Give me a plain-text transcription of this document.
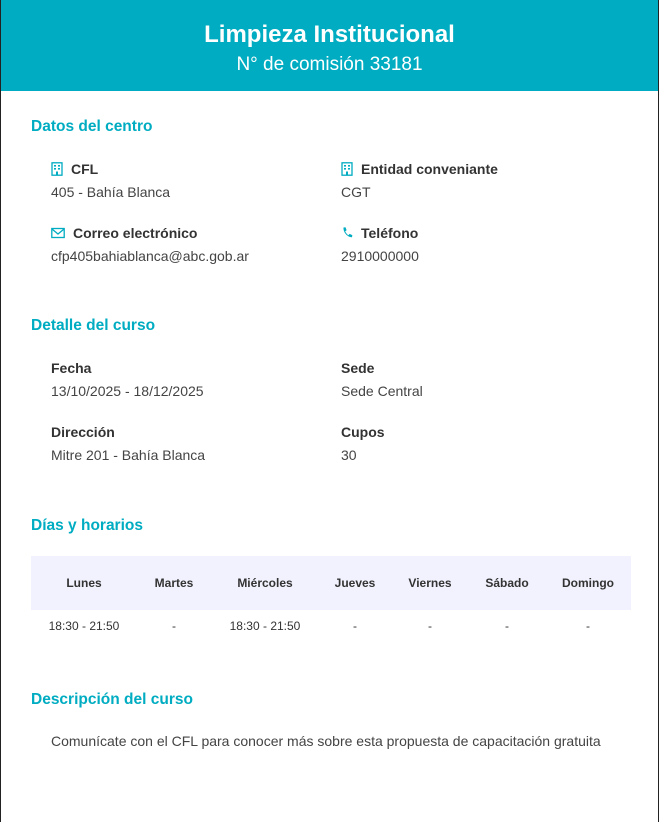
Limpieza Institucional
N° de comisión 33181
Datos del centro
CFL
405 - Bahía Blanca
Entidad conveniante
CGT
Correo electrónico
cfp405bahiablanca@abc.gob.ar
Teléfono
2910000000
Detalle del curso
Fecha
13/10/2025 - 18/12/2025
Sede
Sede Central
Dirección
Mitre 201 - Bahía Blanca
Cupos
30
Días y horarios
Lunes	Martes	Miércoles	Jueves	Viernes	Sábado	Domingo
18:30 - 21:50	-	18:30 - 21:50	-	-	-	-
Descripción del curso
Comunícate con el CFL para conocer más sobre esta propuesta de capacitación gratuita
